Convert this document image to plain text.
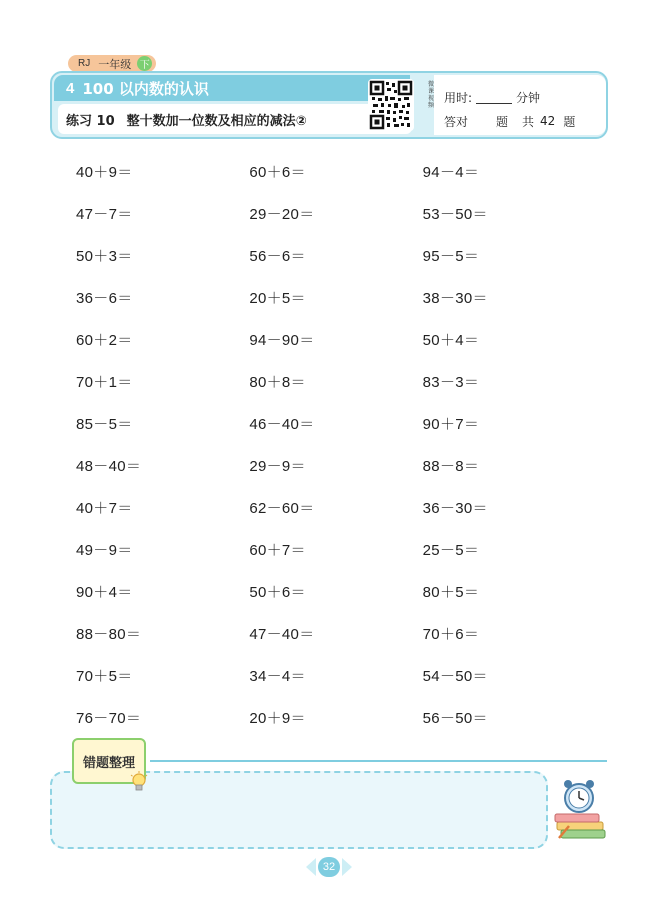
RJ 一年级 下
4 100 以内数的认识
练习 10 整十数加一位数及相应的减法②
微课视频
用时:	分钟
答对 题 共 42 题
40＋9＝	60＋6＝	94－4＝
47－7＝	29－20＝	53－50＝
50＋3＝	56－6＝	95－5＝
36－6＝	20＋5＝	38－30＝
60＋2＝	94－90＝	50＋4＝
70＋1＝	80＋8＝	83－3＝
85－5＝	46－40＝	90＋7＝
48－40＝	29－9＝	88－8＝
40＋7＝	62－60＝	36－30＝
49－9＝	60＋7＝	25－5＝
90＋4＝	50＋6＝	80＋5＝
88－80＝	47－40＝	70＋6＝
70＋5＝	34－4＝	54－50＝
76－70＝	20＋9＝	56－50＝
错题整理
32
